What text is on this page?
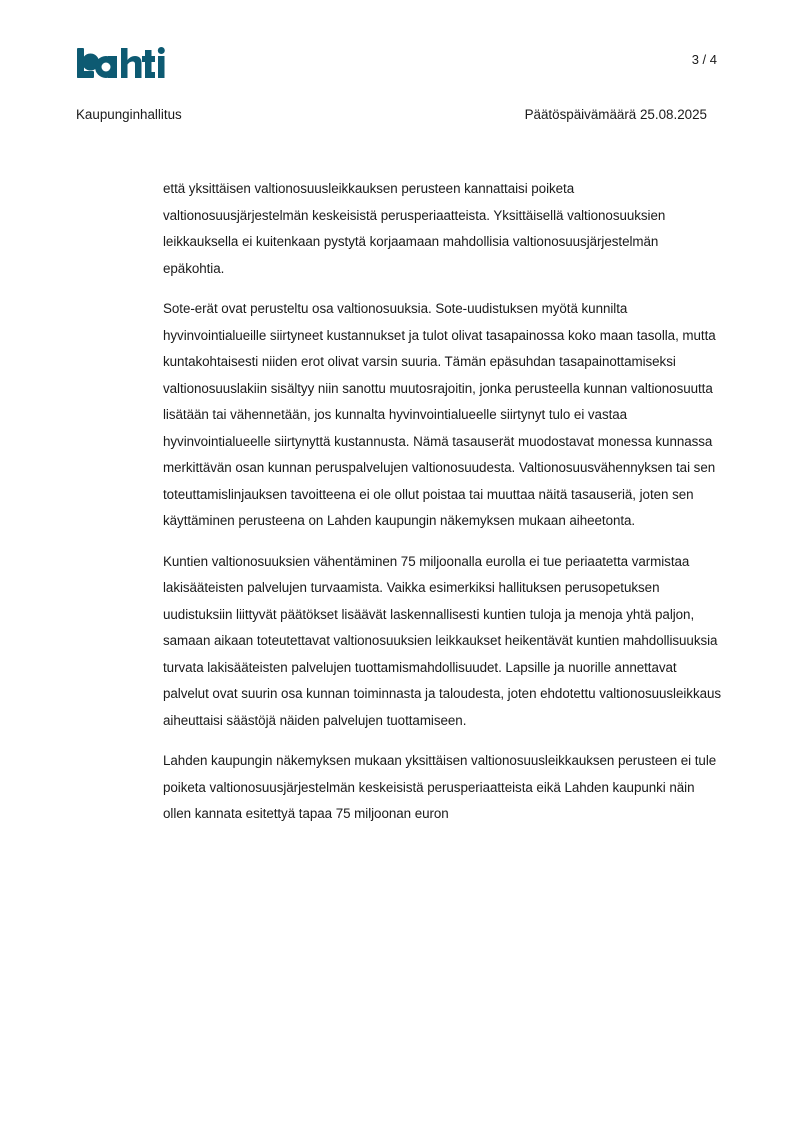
3 / 4
Kaupunginhallitus	Päätöspäivämäärä 25.08.2025

että yksittäisen valtionosuusleikkauksen perusteen kannattaisi poiketa valtionosuusjärjestelmän keskeisistä perusperiaatteista. Yksittäisellä valtionosuuksien leikkauksella ei kuitenkaan pystytä korjaamaan mahdollisia valtionosuusjärjestelmän epäkohtia.

Sote-erät ovat perusteltu osa valtionosuuksia. Sote-uudistuksen myötä kunnilta hyvinvointialueille siirtyneet kustannukset ja tulot olivat tasapainossa koko maan tasolla, mutta kuntakohtaisesti niiden erot olivat varsin suuria. Tämän epäsuhdan tasapainottamiseksi valtionosuuslakiin sisältyy niin sanottu muutosrajoitin, jonka perusteella kunnan valtionosuutta lisätään tai vähennetään, jos kunnalta hyvinvointialueelle siirtynyt tulo ei vastaa hyvinvointialueelle siirtynyttä kustannusta. Nämä tasauserät muodostavat monessa kunnassa merkittävän osan kunnan peruspalvelujen valtionosuudesta. Valtionosuusvähennyksen tai sen toteuttamislinjauksen tavoitteena ei ole ollut poistaa tai muuttaa näitä tasauseriä, joten sen käyttäminen perusteena on Lahden kaupungin näkemyksen mukaan aiheetonta.

Kuntien valtionosuuksien vähentäminen 75 miljoonalla eurolla ei tue periaatetta varmistaa lakisääteisten palvelujen turvaamista. Vaikka esimerkiksi hallituksen perusopetuksen uudistuksiin liittyvät päätökset lisäävät laskennallisesti kuntien tuloja ja menoja yhtä paljon, samaan aikaan toteutettavat valtionosuuksien leikkaukset heikentävät kuntien mahdollisuuksia turvata lakisääteisten palvelujen tuottamismahdollisuudet. Lapsille ja nuorille annettavat palvelut ovat suurin osa kunnan toiminnasta ja taloudesta, joten ehdotettu valtionosuusleikkaus aiheuttaisi säästöjä näiden palvelujen tuottamiseen.

Lahden kaupungin näkemyksen mukaan yksittäisen valtionosuusleikkauksen perusteen ei tule poiketa valtionosuusjärjestelmän keskeisistä perusperiaatteista eikä Lahden kaupunki näin ollen kannata esitettyä tapaa 75 miljoonan euron
